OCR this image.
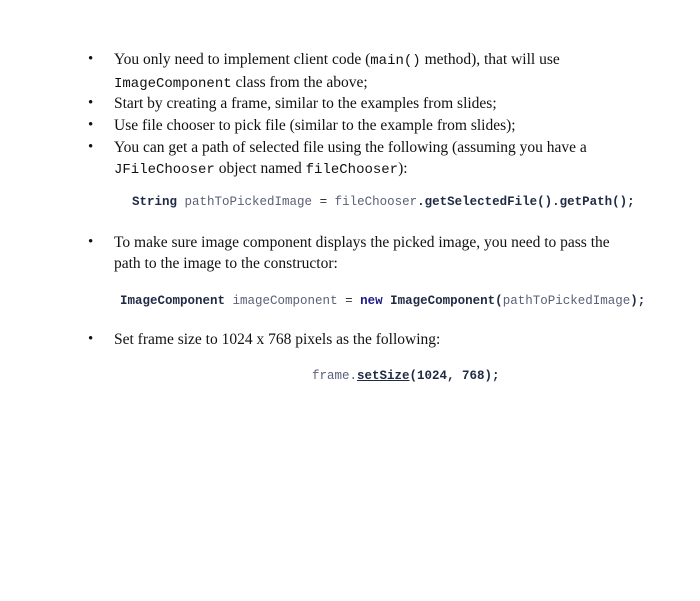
•	You only need to implement client code (main() method), that will use
ImageComponent class from the above;
•	Start by creating a frame, similar to the examples from slides;
•	Use file chooser to pick file (similar to the example from slides);
•	You can get a path of selected file using the following (assuming you have a
JFileChooser object named fileChooser):
String pathToPickedImage = fileChooser.getSelectedFile().getPath();
•	To make sure image component displays the picked image, you need to pass the
path to the image to the constructor:
ImageComponent imageComponent = new ImageComponent(pathToPickedImage);
•	Set frame size to 1024 x 768 pixels as the following:
frame.setSize(1024, 768);
